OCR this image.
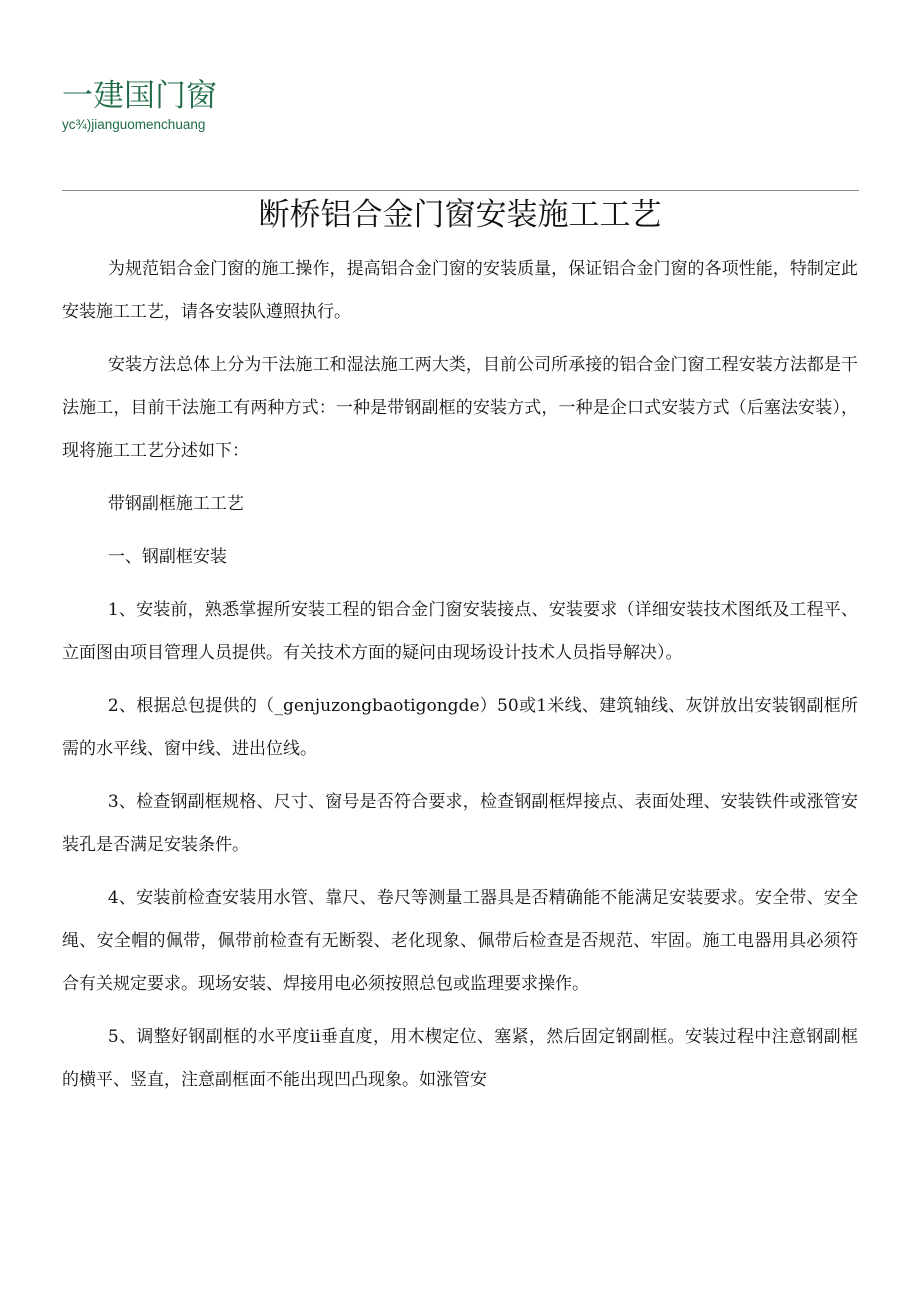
一建国门窗
yc¾)jianguomenchuang
断桥铝合金门窗安装施工工艺

为规范铝合金门窗的施工操作，提高铝合金门窗的安装质量，保证铝合金门窗的各项性能，特制定此安装施工工艺，请各安装队遵照执行。

安装方法总体上分为干法施工和湿法施工两大类，目前公司所承接的铝合金门窗工程安装方法都是干法施工，目前干法施工有两种方式：一种是带钢副框的安装方式，一种是企口式安装方式（后塞法安装），现将施工工艺分述如下：

带钢副框施工工艺

一、钢副框安装

1、安装前，熟悉掌握所安装工程的铝合金门窗安装接点、安装要求（详细安装技术图纸及工程平、立面图由项目管理人员提供。有关技术方面的疑问由现场设计技术人员指导解决）。

2、根据总包提供的（_genjuzongbaotigongde）50或1米线、建筑轴线、灰饼放出安装钢副框所需的水平线、窗中线、进出位线。

3、检查钢副框规格、尺寸、窗号是否符合要求，检查钢副框焊接点、表面处理、安装铁件或涨管安装孔是否满足安装条件。

4、安装前检查安装用水管、靠尺、卷尺等测量工器具是否精确能不能满足安装要求。安全带、安全绳、安全帽的佩带，佩带前检查有无断裂、老化现象、佩带后检查是否规范、牢固。施工电器用具必须符合有关规定要求。现场安装、焊接用电必须按照总包或监理要求操作。

5、调整好钢副框的水平度ii垂直度，用木楔定位、塞紧，然后固定钢副框。安装过程中注意钢副框的横平、竖直，注意副框面不能出现凹凸现象。如涨管安
